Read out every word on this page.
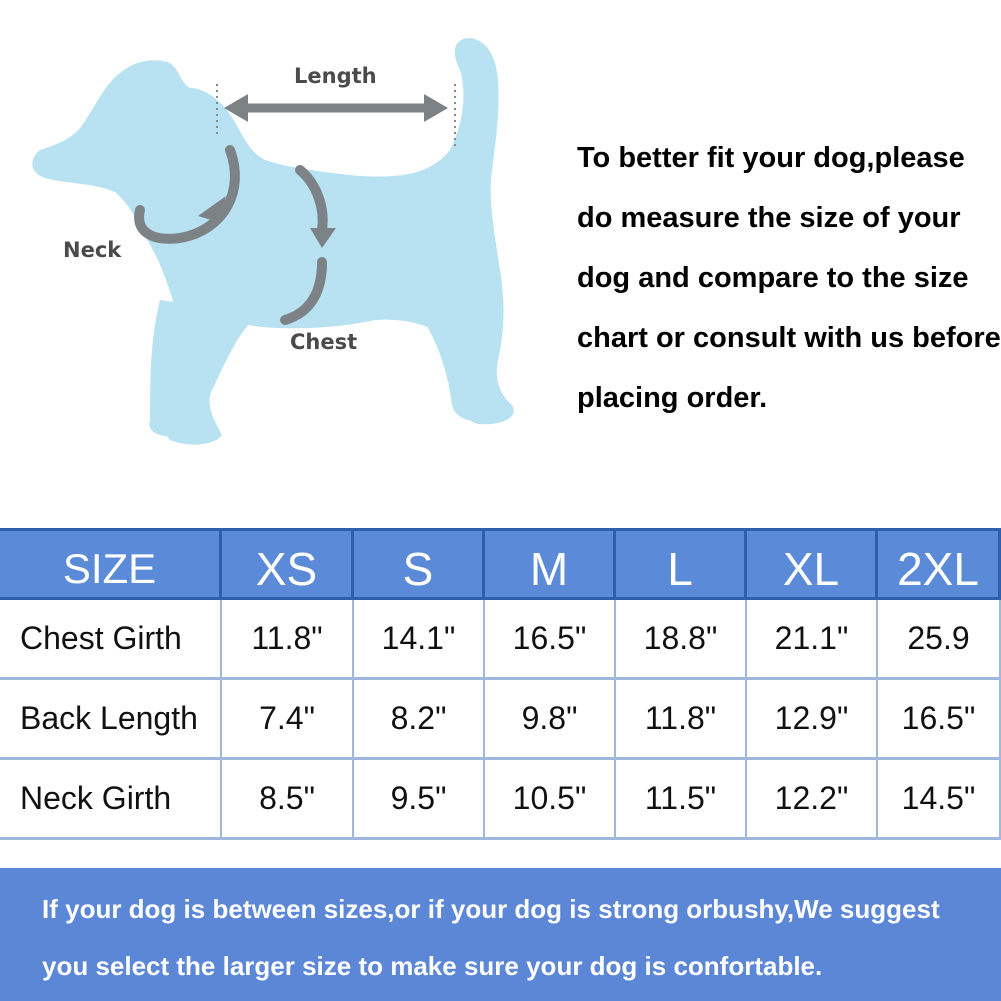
Length
Neck
Chest
To better fit your dog,please
do measure the size of your
dog and compare to the size
chart or consult with us before
placing order.
SIZE	XS	S	M	L	XL	2XL
Chest Girth	11.8"	14.1"	16.5"	18.8"	21.1"	25.9
Back Length	7.4"	8.2"	9.8"	11.8"	12.9"	16.5"
Neck Girth	8.5"	9.5"	10.5"	11.5"	12.2"	14.5"
If your dog is between sizes,or if your dog is strong orbushy,We suggest
you select the larger size to make sure your dog is confortable.
